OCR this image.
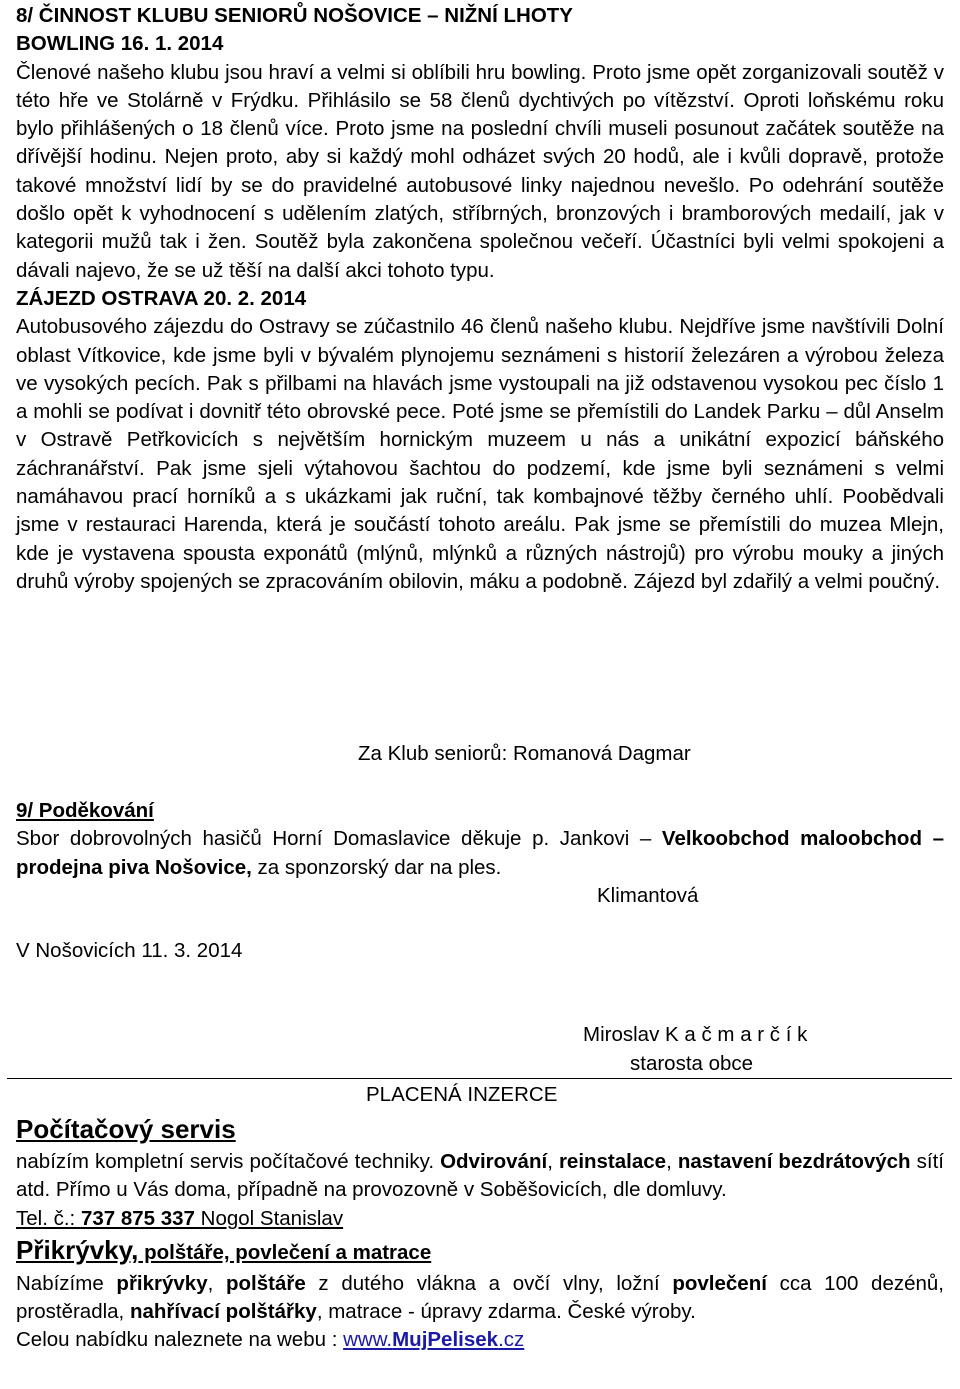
8/ ČINNOST KLUBU SENIORŮ NOŠOVICE – NIŽNÍ LHOTY
BOWLING 16. 1. 2014

Členové našeho klubu jsou hraví a velmi si oblíbili hru bowling. Proto jsme opět zorganizovali soutěž v této hře ve Stolárně v Frýdku. Přihlásilo se 58 členů dychtivých po vítězství. Oproti loňskému roku bylo přihlášených o 18 členů více. Proto jsme na poslední chvíli museli posunout začátek soutěže na dřívější hodinu. Nejen proto, aby si každý mohl odházet svých 20 hodů, ale i kvůli dopravě, protože takové množství lidí by se do pravidelné autobusové linky najednou nevešlo. Po odehrání soutěže došlo opět k vyhodnocení s udělením zlatých, stříbrných, bronzových i bramborových medailí, jak v kategorii mužů tak i žen. Soutěž byla zakončena společnou večeří. Účastníci byli velmi spokojeni a dávali najevo, že se už těší na další akci tohoto typu.

ZÁJEZD OSTRAVA 20. 2. 2014

Autobusového zájezdu do Ostravy se zúčastnilo 46 členů našeho klubu. Nejdříve jsme navštívili Dolní oblast Vítkovice, kde jsme byli v bývalém plynojemu seznámeni s historií železáren a výrobou železa ve vysokých pecích. Pak s přilbami na hlavách jsme vystoupali na již odstavenou vysokou pec číslo 1 a mohli se podívat i dovnitř této obrovské pece. Poté jsme se přemístili do Landek Parku – důl Anselm v Ostravě Petřkovicích s největším hornickým muzeem u nás a unikátní expozicí báňského záchranářství. Pak jsme sjeli výtahovou šachtou do podzemí, kde jsme byli seznámeni s velmi namáhavou prací horníků a s ukázkami jak ruční, tak kombajnové těžby černého uhlí. Poobědvali jsme v restauraci Harenda, která je součástí tohoto areálu. Pak jsme se přemístili do muzea Mlejn, kde je vystavena spousta exponátů (mlýnů, mlýnků a různých nástrojů) pro výrobu mouky a jiných druhů výroby spojených se zpracováním obilovin, máku a podobně. Zájezd byl zdařilý a velmi poučný.

Za Klub seniorů: Romanová Dagmar
9/ Poděkování

Sbor dobrovolných hasičů Horní Domaslavice děkuje p. Jankovi – Velkoobchod maloobchod – prodejna piva Nošovice, za sponzorský dar na ples.

Klimantová
V Nošovicích 11. 3. 2014
Miroslav K a č m a r č í k
starosta obce
PLACENÁ INZERCE
Počítačový servis

nabízím kompletní servis počítačové techniky. Odvirování, reinstalace, nastavení bezdrátových sítí atd. Přímo u Vás doma, případně na provozovně v Soběšovicích, dle domluvy.

Tel. č.: 737 875 337 Nogol Stanislav
Přikrývky, polštáře, povlečení a matrace

Nabízíme přikrývky, polštáře z dutého vlákna a ovčí vlny, ložní povlečení cca 100 dezénů, prostěradla, nahřívací polštářky, matrace - úpravy zdarma. České výroby.

Celou nabídku naleznete na webu : www.MujPelisek.cz
